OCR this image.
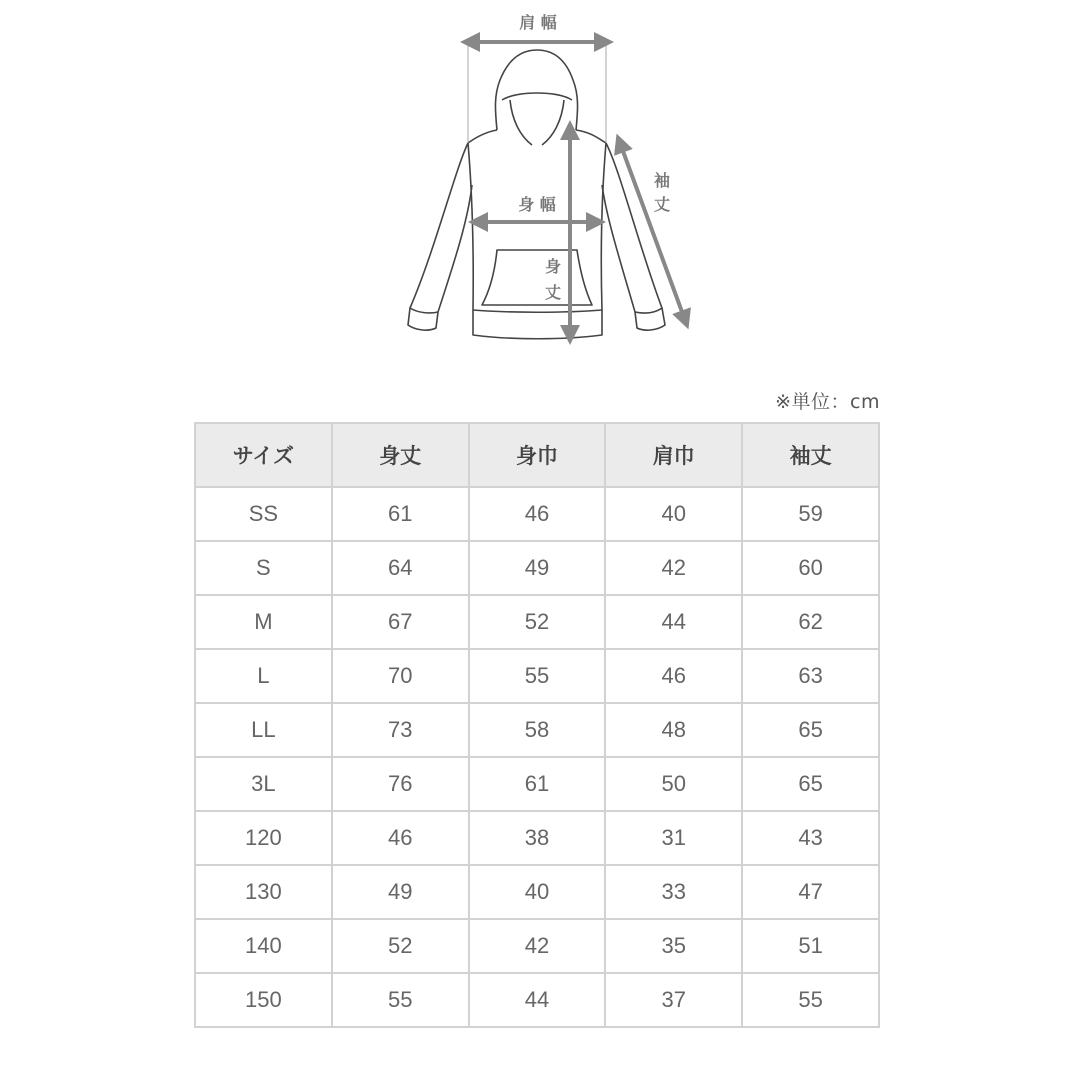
肩 幅
身 幅
身
丈
袖
丈
※単位：cm
サイズ	身丈	身巾	肩巾	袖丈
SS	61	46	40	59
S	64	49	42	60
M	67	52	44	62
L	70	55	46	63
LL	73	58	48	65
3L	76	61	50	65
120	46	38	31	43
130	49	40	33	47
140	52	42	35	51
150	55	44	37	55
